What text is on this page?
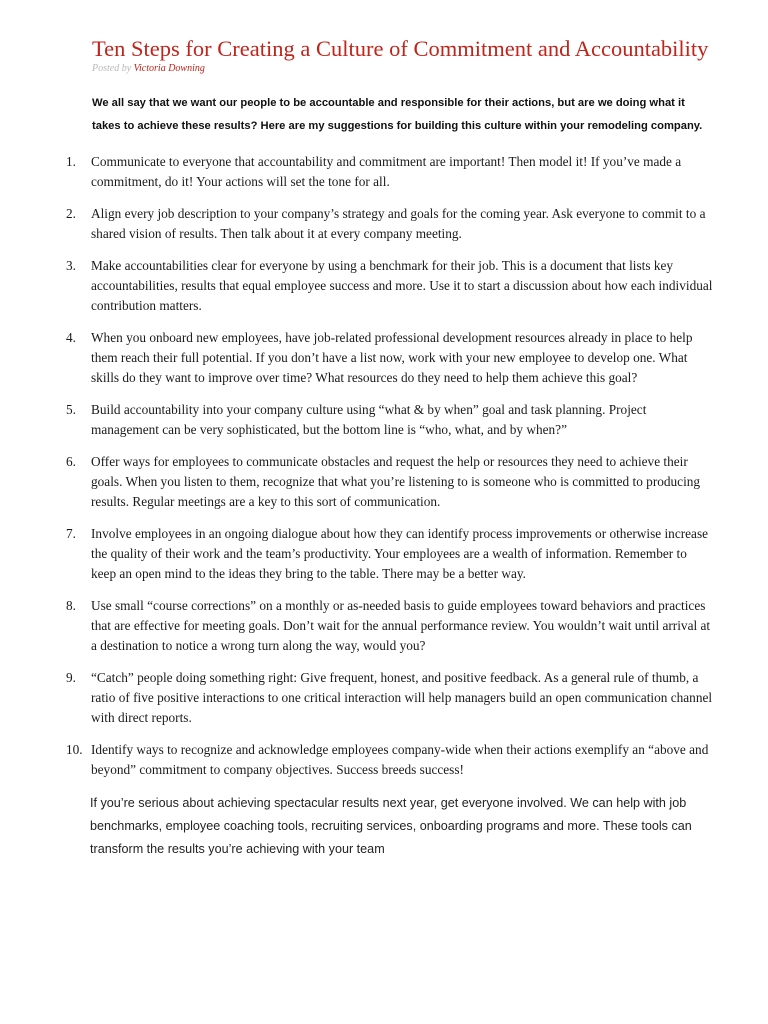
Ten Steps for Creating a Culture of Commitment and Accountability
Posted by Victoria Downing

We all say that we want our people to be accountable and responsible for their actions, but are we doing what it takes to achieve these results? Here are my suggestions for building this culture within your remodeling company.

1. Communicate to everyone that accountability and commitment are important! Then model it! If you’ve made a commitment, do it! Your actions will set the tone for all.
2. Align every job description to your company’s strategy and goals for the coming year. Ask everyone to commit to a shared vision of results. Then talk about it at every company meeting.
3. Make accountabilities clear for everyone by using a benchmark for their job. This is a document that lists key accountabilities, results that equal employee success and more. Use it to start a discussion about how each individual contribution matters.
4. When you onboard new employees, have job-related professional development resources already in place to help them reach their full potential. If you don’t have a list now, work with your new employee to develop one. What skills do they want to improve over time? What resources do they need to help them achieve this goal?
5. Build accountability into your company culture using “what & by when” goal and task planning. Project management can be very sophisticated, but the bottom line is “who, what, and by when?”
6. Offer ways for employees to communicate obstacles and request the help or resources they need to achieve their goals. When you listen to them, recognize that what you’re listening to is someone who is committed to producing results. Regular meetings are a key to this sort of communication.
7. Involve employees in an ongoing dialogue about how they can identify process improvements or otherwise increase the quality of their work and the team’s productivity. Your employees are a wealth of information. Remember to keep an open mind to the ideas they bring to the table. There may be a better way.
8. Use small “course corrections” on a monthly or as-needed basis to guide employees toward behaviors and practices that are effective for meeting goals. Don’t wait for the annual performance review. You wouldn’t wait until arrival at a destination to notice a wrong turn along the way, would you?
9. “Catch” people doing something right: Give frequent, honest, and positive feedback. As a general rule of thumb, a ratio of five positive interactions to one critical interaction will help managers build an open communication channel with direct reports.
10. Identify ways to recognize and acknowledge employees company-wide when their actions exemplify an “above and beyond” commitment to company objectives. Success breeds success!

If you’re serious about achieving spectacular results next year, get everyone involved. We can help with job benchmarks, employee coaching tools, recruiting services, onboarding programs and more. These tools can transform the results you’re achieving with your team
